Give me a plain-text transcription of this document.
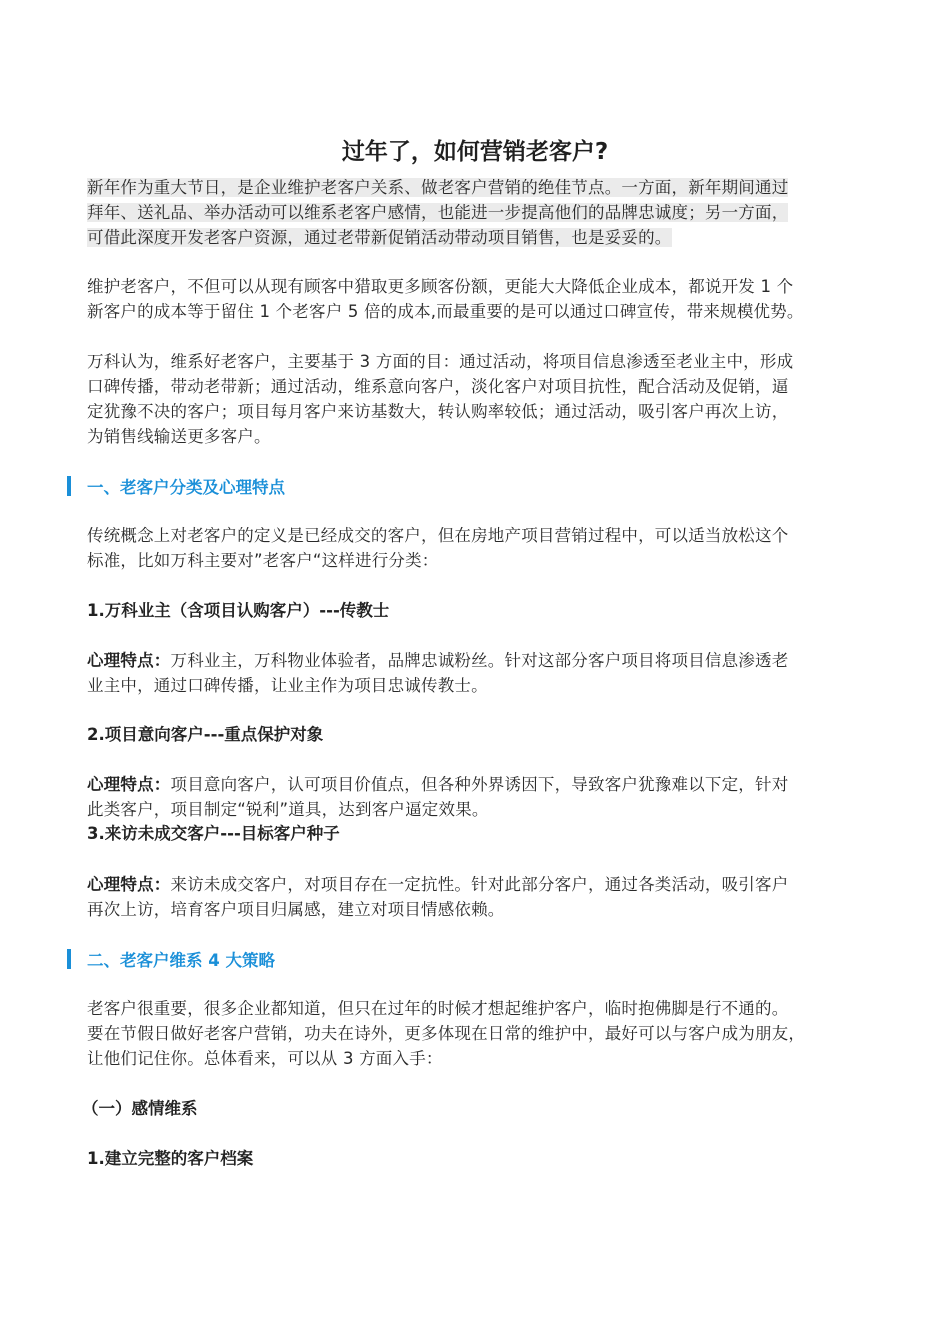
过年了，如何营销老客户?
新年作为重大节日，是企业维护老客户关系、做老客户营销的绝佳节点。一方面，新年期间通过
拜年、送礼品、举办活动可以维系老客户感情，也能进一步提高他们的品牌忠诚度；另一方面，
可借此深度开发老客户资源，通过老带新促销活动带动项目销售，也是妥妥的。
维护老客户，不但可以从现有顾客中猎取更多顾客份额，更能大大降低企业成本，都说开发 1 个
新客户的成本等于留住 1 个老客户 5 倍的成本,而最重要的是可以通过口碑宣传，带来规模优势。
万科认为，维系好老客户，主要基于 3 方面的目：通过活动，将项目信息渗透至老业主中，形成
口碑传播，带动老带新；通过活动，维系意向客户，淡化客户对项目抗性，配合活动及促销，逼
定犹豫不决的客户；项目每月客户来访基数大，转认购率较低；通过活动，吸引客户再次上访，
为销售线输送更多客户。
一、老客户分类及心理特点
传统概念上对老客户的定义是已经成交的客户，但在房地产项目营销过程中，可以适当放松这个
标准，比如万科主要对”老客户“这样进行分类：
1.万科业主（含项目认购客户）---传教士
心理特点：万科业主，万科物业体验者，品牌忠诚粉丝。针对这部分客户项目将项目信息渗透老
业主中，通过口碑传播，让业主作为项目忠诚传教士。
2.项目意向客户---重点保护对象
心理特点：项目意向客户，认可项目价值点，但各种外界诱因下，导致客户犹豫难以下定，针对
此类客户，项目制定“锐利”道具，达到客户逼定效果。
3.来访未成交客户---目标客户种子
心理特点：来访未成交客户，对项目存在一定抗性。针对此部分客户，通过各类活动，吸引客户
再次上访，培育客户项目归属感，建立对项目情感依赖。
二、老客户维系 4 大策略
老客户很重要，很多企业都知道，但只在过年的时候才想起维护客户，临时抱佛脚是行不通的。
要在节假日做好老客户营销，功夫在诗外，更多体现在日常的维护中，最好可以与客户成为朋友，
让他们记住你。总体看来，可以从 3 方面入手：
（一）感情维系
1.建立完整的客户档案
